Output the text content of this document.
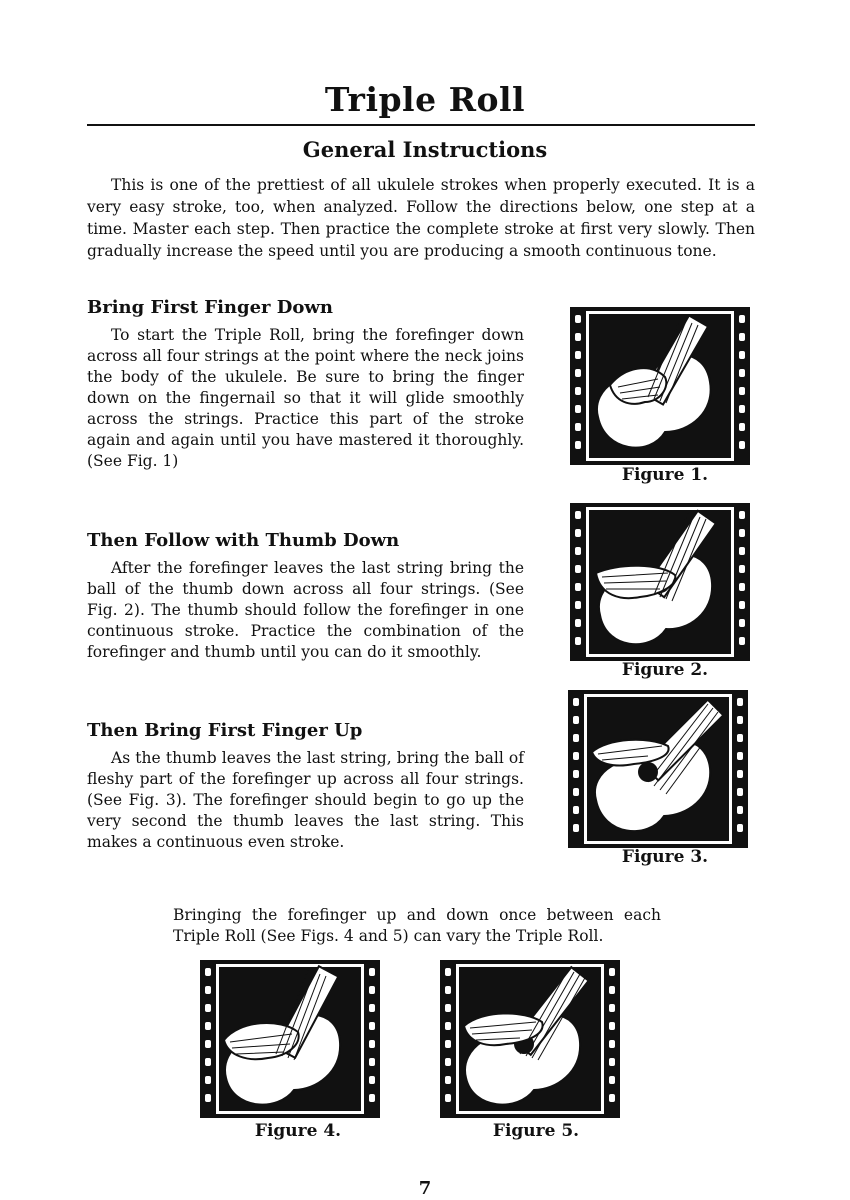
Triple Roll
General Instructions

This is one of the prettiest of all ukulele strokes when properly executed. It is a very easy stroke, too, when analyzed. Follow the directions below, one step at a time. Master each step. Then practice the complete stroke at first very slowly. Then gradually increase the speed until you are producing a smooth continuous tone.

Bring First Finger Down

To start the Triple Roll, bring the forefinger down across all four strings at the point where the neck joins the body of the ukulele. Be sure to bring the finger down on the fingernail so that it will glide smoothly across the strings. Practice this part of the stroke again and again until you have mastered it thoroughly. (See Fig. 1)

Then Follow with Thumb Down

After the forefinger leaves the last string bring the ball of the thumb down across all four strings. (See Fig. 2). The thumb should follow the forefinger in one continuous stroke. Practice the combination of the forefinger and thumb until you can do it smoothly.

Then Bring First Finger Up

As the thumb leaves the last string, bring the ball of fleshy part of the forefinger up across all four strings. (See Fig. 3). The forefinger should begin to go up the very second the thumb leaves the last string. This makes a continuous even stroke.

Figure 1.
Figure 2.
Figure 3.

Bringing the forefinger up and down once between each Triple Roll (See Figs. 4 and 5) can vary the Triple Roll.

Figure 4.	Figure 5.
7
